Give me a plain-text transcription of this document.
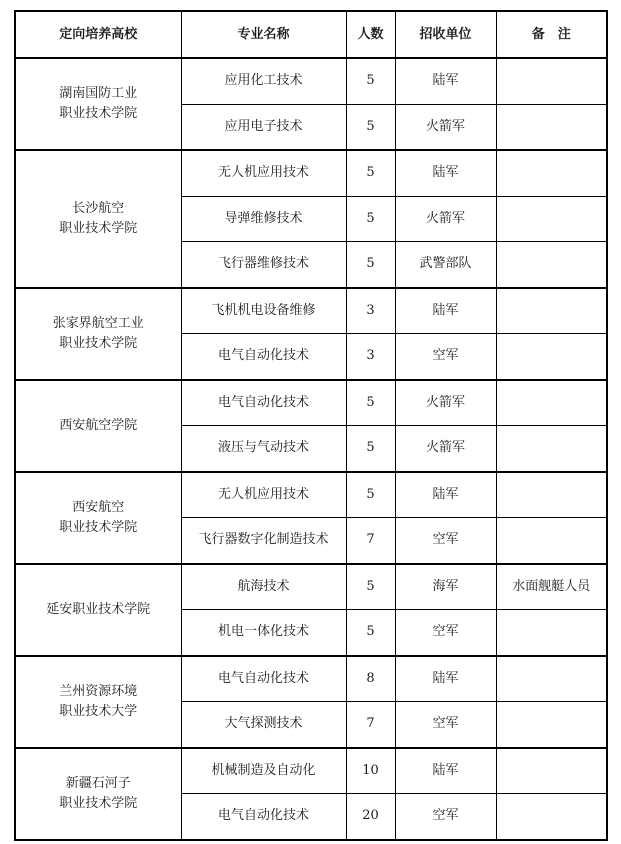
定向培养高校	专业名称	人数	招收单位	备　注

湖南国防工业
职业技术学院	应用化工技术	5	陆军	
	应用电子技术	5	火箭军	

长沙航空
职业技术学院	无人机应用技术	5	陆军	
	导弹维修技术	5	火箭军	
	飞行器维修技术	5	武警部队	

张家界航空工业
职业技术学院	飞机机电设备维修	3	陆军	
	电气自动化技术	3	空军	

西安航空学院	电气自动化技术	5	火箭军	
	液压与气动技术	5	火箭军	

西安航空
职业技术学院	无人机应用技术	5	陆军	
	飞行器数字化制造技术	7	空军	

延安职业技术学院	航海技术	5	海军	水面舰艇人员
	机电一体化技术	5	空军	

兰州资源环境
职业技术大学	电气自动化技术	8	陆军	
	大气探测技术	7	空军	

新疆石河子
职业技术学院	机械制造及自动化	10	陆军	
	电气自动化技术	20	空军	
